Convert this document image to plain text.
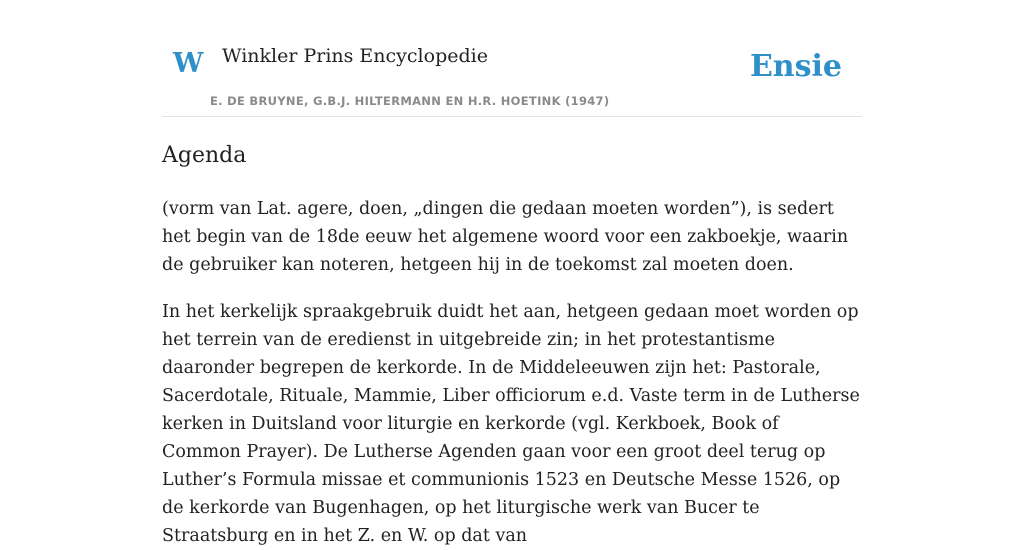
W Winkler Prins Encyclopedie
E. DE BRUYNE, G.B.J. HILTERMANN EN H.R. HOETINK (1947)
Ensie
Agenda

(vorm van Lat. agere, doen, „dingen die gedaan moeten worden”), is sedert het begin van de 18de eeuw het algemene woord voor een zakboekje, waarin de gebruiker kan noteren, hetgeen hij in de toekomst zal moeten doen.

In het kerkelijk spraakgebruik duidt het aan, hetgeen gedaan moet worden op het terrein van de eredienst in uitgebreide zin; in het protestantisme daaronder begrepen de kerkorde. In de Middeleeuwen zijn het: Pastorale, Sacerdotale, Rituale, Mammie, Liber officiorum e.d. Vaste term in de Lutherse kerken in Duitsland voor liturgie en kerkorde (vgl. Kerkboek, Book of Common Prayer). De Lutherse Agenden gaan voor een groot deel terug op Luther’s Formula missae et communionis 1523 en Deutsche Messe 1526, op de kerkorde van Bugenhagen, op het liturgische werk van Bucer te Straatsburg en in het Z. en W. op dat van
